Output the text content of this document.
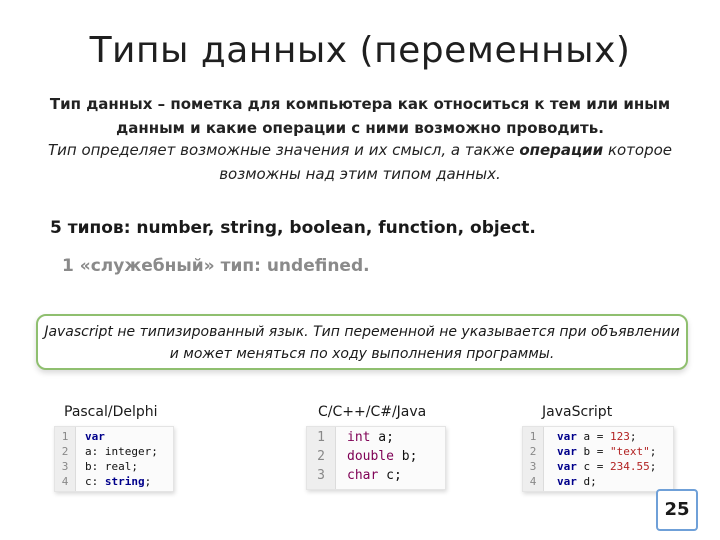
Типы данных (переменных)
Тип данных – пометка для компьютера как относиться к тем или иным данным и какие операции с ними возможно проводить.
Тип определяет возможные значения и их смысл, а также операции которое возможны над этим типом данных.
5 типов: number, string, boolean, function, object.
1 «служебный» тип: undefined.
Javascript не типизированный язык. Тип переменной не указывается при объявлении и может меняться по ходу выполнения программы.
Pascal/Delphi
1	var
2	a: integer;
3	b: real;
4	c: string;
C/C++/C#/Java
1	int a;
2	double b;
3	char c;
JavaScript
1	var a = 123;
2	var b = "text";
3	var c = 234.55;
4	var d;
25
